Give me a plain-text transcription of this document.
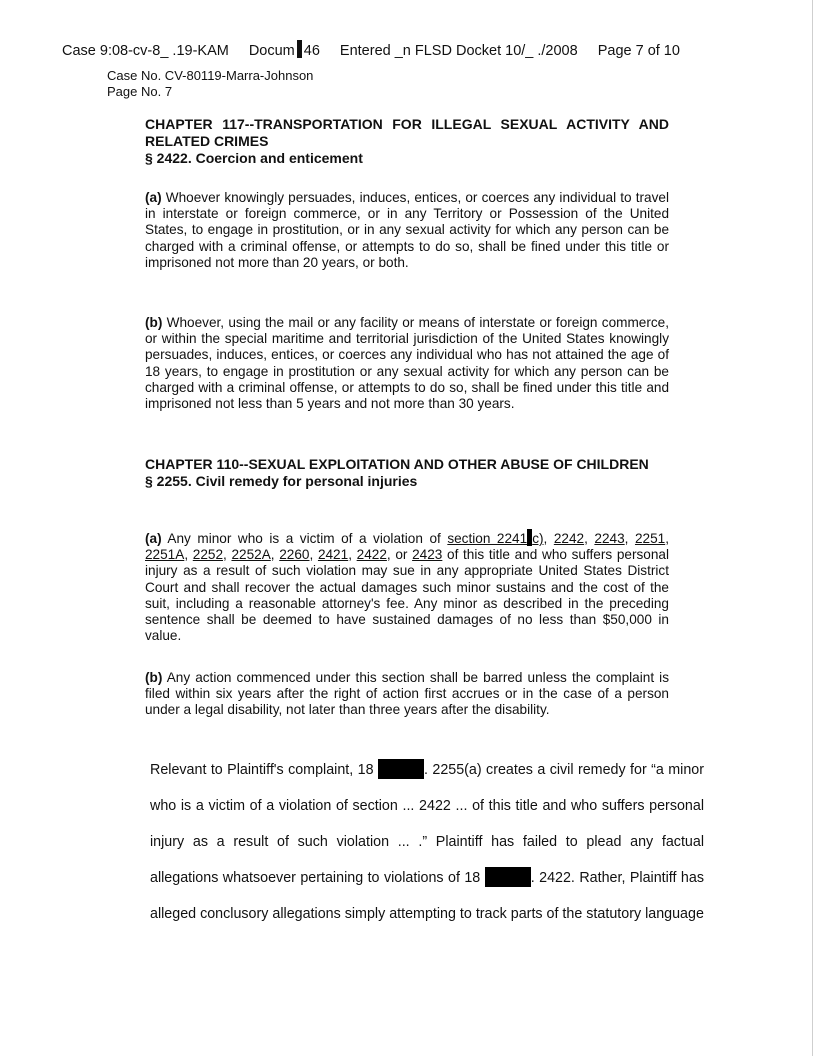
Case 9:08-cv-8_ .19-KAM Docum 46 Entered _n FLSD Docket 10/_ ./2008 Page 7 of 10
Case No. CV-80119-Marra-Johnson
Page No. 7
CHAPTER 117--TRANSPORTATION FOR ILLEGAL SEXUAL ACTIVITY AND RELATED CRIMES
§ 2422. Coercion and enticement

(a) Whoever knowingly persuades, induces, entices, or coerces any individual to travel in interstate or foreign commerce, or in any Territory or Possession of the United States, to engage in prostitution, or in any sexual activity for which any person can be charged with a criminal offense, or attempts to do so, shall be fined under this title or imprisoned not more than 20 years, or both.

(b) Whoever, using the mail or any facility or means of interstate or foreign commerce, or within the special maritime and territorial jurisdiction of the United States knowingly persuades, induces, entices, or coerces any individual who has not attained the age of 18 years, to engage in prostitution or any sexual activity for which any person can be charged with a criminal offense, or attempts to do so, shall be fined under this title and imprisoned not less than 5 years and not more than 30 years.

CHAPTER 110--SEXUAL EXPLOITATION AND OTHER ABUSE OF CHILDREN
§ 2255. Civil remedy for personal injuries

(a) Any minor who is a victim of a violation of section 2241 c), 2242, 2243, 2251, 2251A, 2252, 2252A, 2260, 2421, 2422, or 2423 of this title and who suffers personal injury as a result of such violation may sue in any appropriate United States District Court and shall recover the actual damages such minor sustains and the cost of the suit, including a reasonable attorney's fee. Any minor as described in the preceding sentence shall be deemed to have sustained damages of no less than $50,000 in value.

(b) Any action commenced under this section shall be barred unless the complaint is filed within six years after the right of action first accrues or in the case of a person under a legal disability, not later than three years after the disability.

Relevant to Plaintiff's complaint, 18	. 2255(a) creates a civil remedy for “a minor who is a victim of a violation of section ... 2422 ... of this title and who suffers personal injury as a result of such violation ... .” Plaintiff has failed to plead any factual allegations whatsoever pertaining to violations of 18	. 2422. Rather, Plaintiff has alleged conclusory allegations simply attempting to track parts of the statutory language
